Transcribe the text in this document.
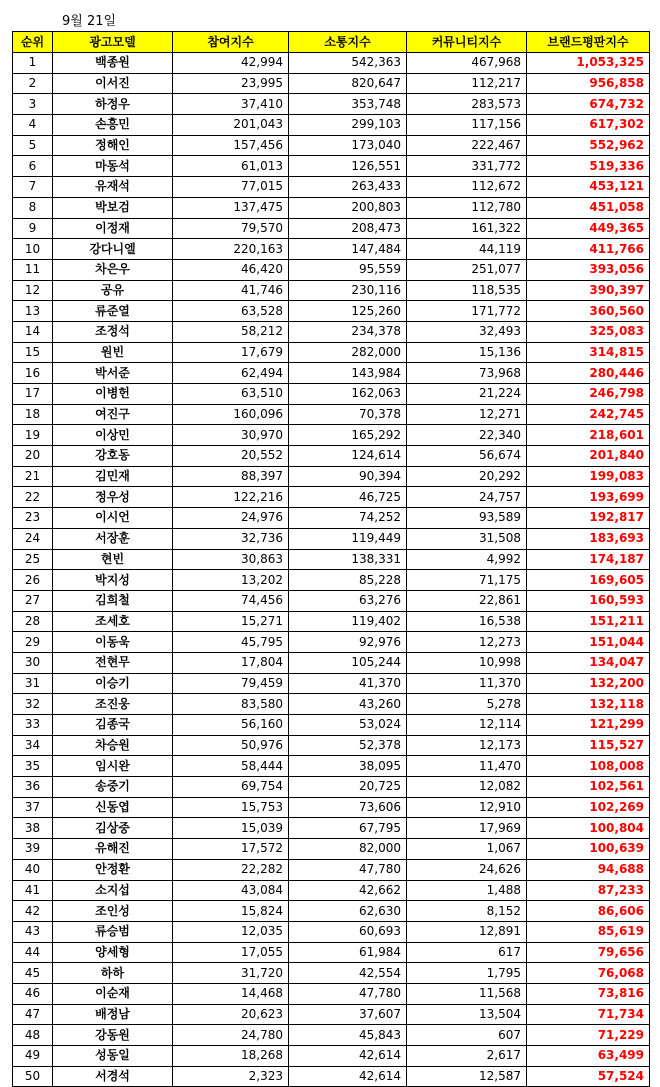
9월 21일
순위	광고모델	참여지수	소통지수	커뮤니티지수	브랜드평판지수
1	백종원	42,994	542,363	467,968	1,053,325
2	이서진	23,995	820,647	112,217	956,858
3	하정우	37,410	353,748	283,573	674,732
4	손흥민	201,043	299,103	117,156	617,302
5	정해인	157,456	173,040	222,467	552,962
6	마동석	61,013	126,551	331,772	519,336
7	유재석	77,015	263,433	112,672	453,121
8	박보검	137,475	200,803	112,780	451,058
9	이정재	79,570	208,473	161,322	449,365
10	강다니엘	220,163	147,484	44,119	411,766
11	차은우	46,420	95,559	251,077	393,056
12	공유	41,746	230,116	118,535	390,397
13	류준열	63,528	125,260	171,772	360,560
14	조정석	58,212	234,378	32,493	325,083
15	원빈	17,679	282,000	15,136	314,815
16	박서준	62,494	143,984	73,968	280,446
17	이병헌	63,510	162,063	21,224	246,798
18	여진구	160,096	70,378	12,271	242,745
19	이상민	30,970	165,292	22,340	218,601
20	강호동	20,552	124,614	56,674	201,840
21	김민재	88,397	90,394	20,292	199,083
22	정우성	122,216	46,725	24,757	193,699
23	이시언	24,976	74,252	93,589	192,817
24	서장훈	32,736	119,449	31,508	183,693
25	현빈	30,863	138,331	4,992	174,187
26	박지성	13,202	85,228	71,175	169,605
27	김희철	74,456	63,276	22,861	160,593
28	조세호	15,271	119,402	16,538	151,211
29	이동욱	45,795	92,976	12,273	151,044
30	전현무	17,804	105,244	10,998	134,047
31	이승기	79,459	41,370	11,370	132,200
32	조진웅	83,580	43,260	5,278	132,118
33	김종국	56,160	53,024	12,114	121,299
34	차승원	50,976	52,378	12,173	115,527
35	임시완	58,444	38,095	11,470	108,008
36	송중기	69,754	20,725	12,082	102,561
37	신동엽	15,753	73,606	12,910	102,269
38	김상중	15,039	67,795	17,969	100,804
39	유해진	17,572	82,000	1,067	100,639
40	안정환	22,282	47,780	24,626	94,688
41	소지섭	43,084	42,662	1,488	87,233
42	조인성	15,824	62,630	8,152	86,606
43	류승범	12,035	60,693	12,891	85,619
44	양세형	17,055	61,984	617	79,656
45	하하	31,720	42,554	1,795	76,068
46	이순재	14,468	47,780	11,568	73,816
47	배정남	20,623	37,607	13,504	71,734
48	강동원	24,780	45,843	607	71,229
49	성동일	18,268	42,614	2,617	63,499
50	서경석	2,323	42,614	12,587	57,524
